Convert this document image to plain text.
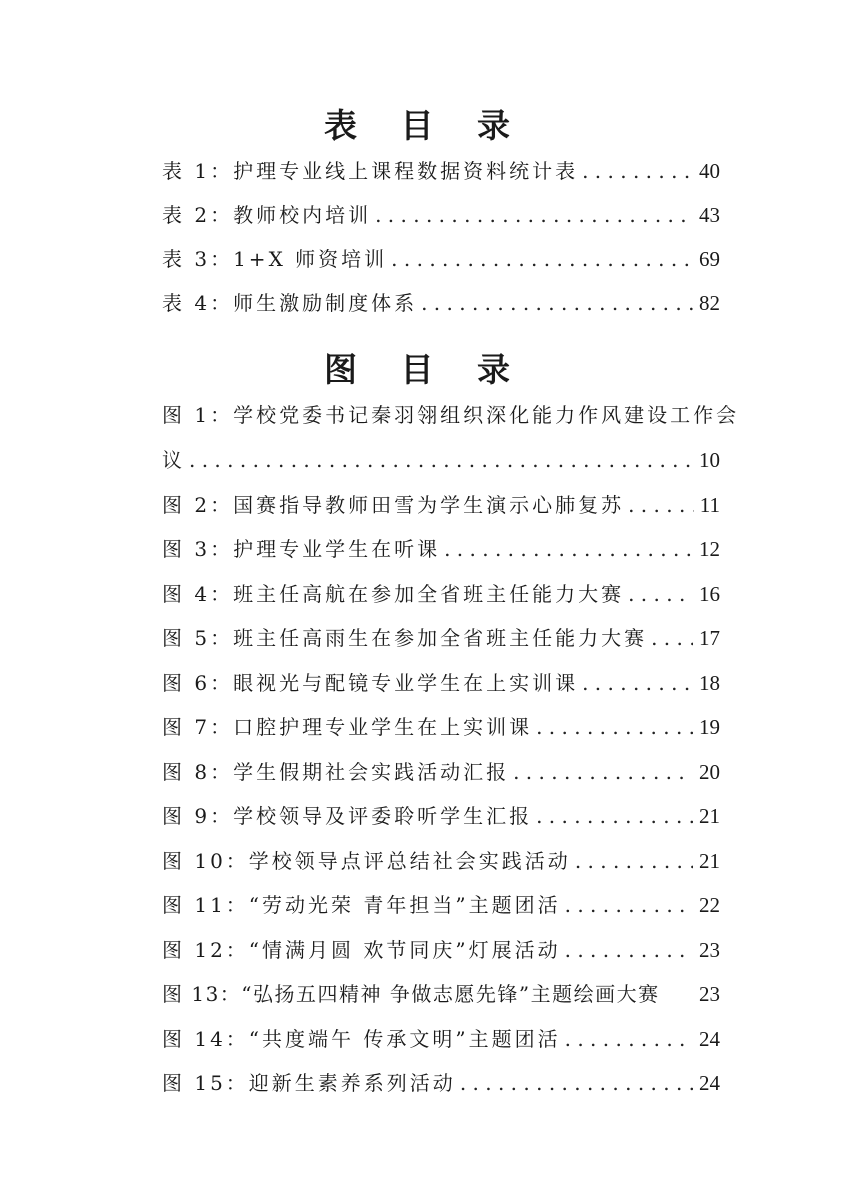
表 目 录
表 1：护理专业线上课程数据资料统计表 . . .	40
表 2：教师校内培训 . . .	43
表 3：1+X 师资培训 . . .	69
表 4：师生激励制度体系 . . .	82
图 目 录
图 1：学校党委书记秦羽翎组织深化能力作风建设工作会
议 . . .	10
图 2：国赛指导教师田雪为学生演示心肺复苏 . . .	11
图 3：护理专业学生在听课 . . .	12
图 4：班主任高航在参加全省班主任能力大赛 . . .	16
图 5：班主任高雨生在参加全省班主任能力大赛 . . . 17
图 6：眼视光与配镜专业学生在上实训课 . . .	18
图 7：口腔护理专业学生在上实训课 . . .	19
图 8：学生假期社会实践活动汇报 . . .	20
图 9：学校领导及评委聆听学生汇报 . . .	21
图 10：学校领导点评总结社会实践活动 . . .	21
图 11：“劳动光荣 青年担当”主题团活 . . .	22
图 12：“情满月圆 欢节同庆”灯展活动 . . .	23
图 13：“弘扬五四精神 争做志愿先锋”主题绘画大赛 23
图 14：“共度端午 传承文明”主题团活 . . .	24
图 15：迎新生素养系列活动 . . .	24
